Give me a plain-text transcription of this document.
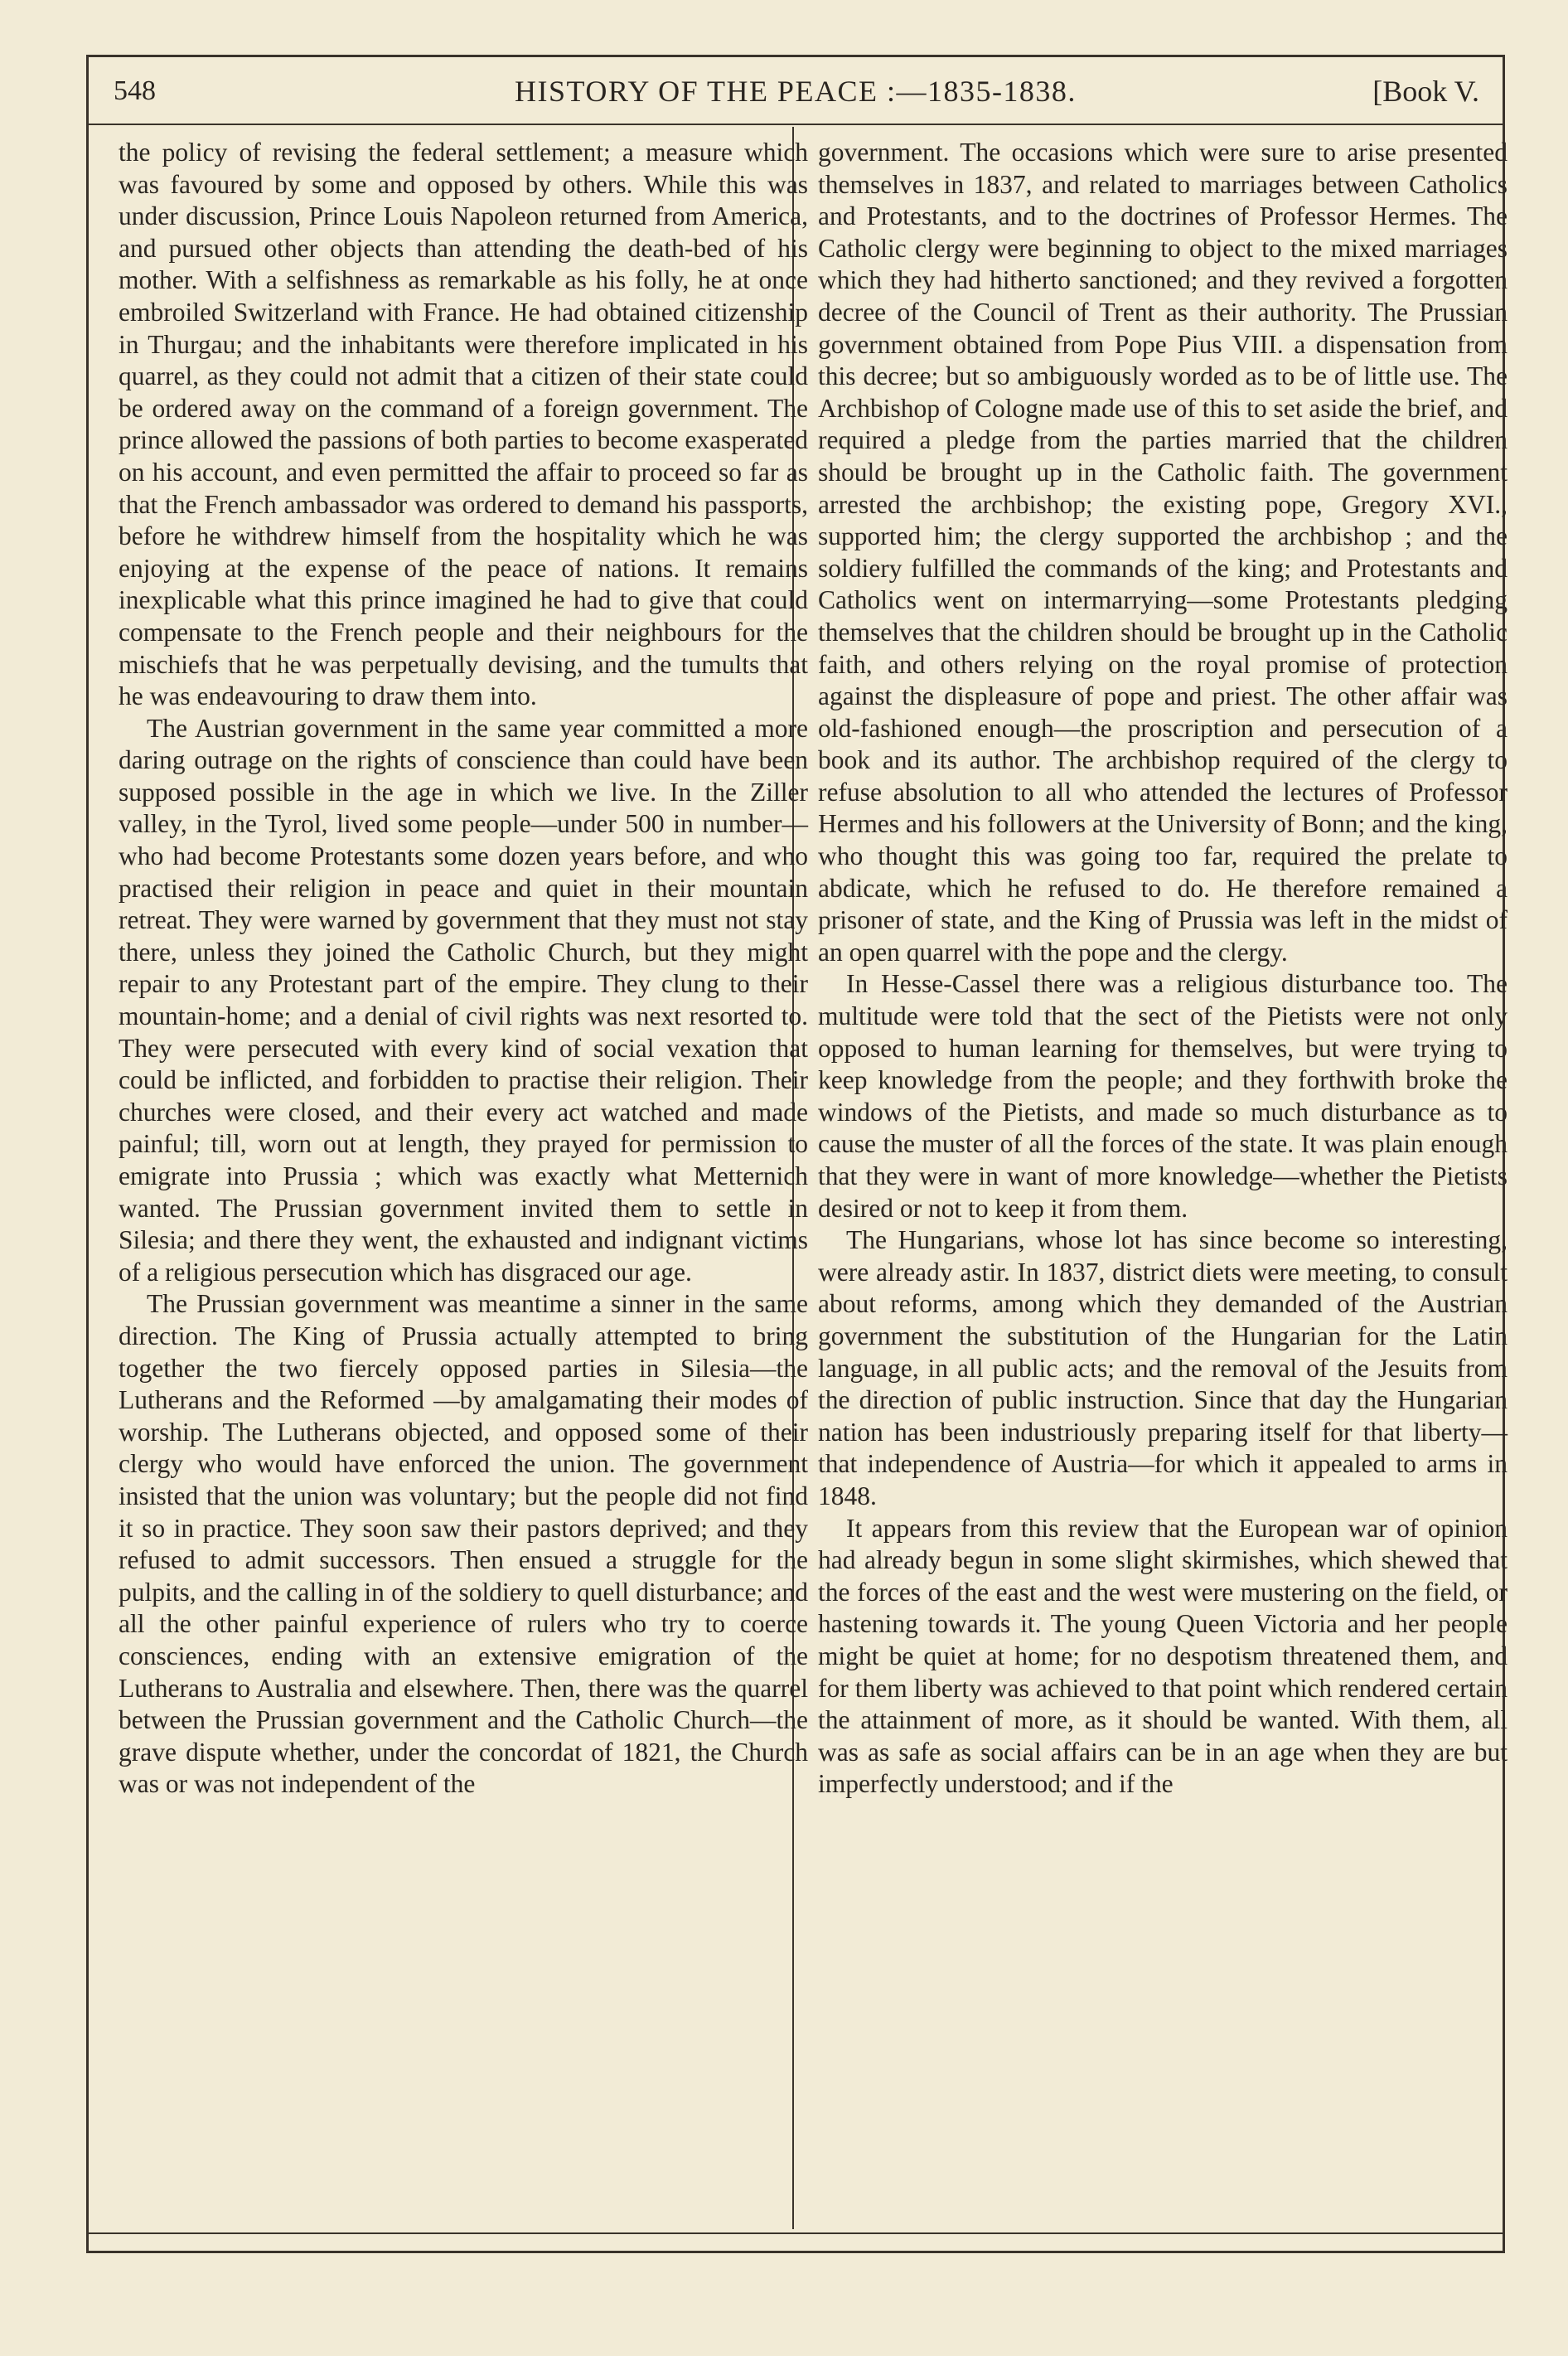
548	HISTORY OF THE PEACE :—1835-1838.	[Book V.

the policy of revising the federal settlement; a measure which was favoured by some and opposed by others. While this was under discussion, Prince Louis Napoleon returned from America, and pursued other objects than attending the death-bed of his mother. With a selfishness as remarkable as his folly, he at once embroiled Switzerland with France. He had obtained citizenship in Thurgau; and the inhabitants were therefore implicated in his quarrel, as they could not admit that a citizen of their state could be ordered away on the command of a foreign government. The prince allowed the passions of both parties to become exasperated on his account, and even permitted the affair to proceed so far as that the French ambassador was ordered to demand his passports, before he withdrew himself from the hospitality which he was enjoying at the expense of the peace of nations. It remains inexplicable what this prince imagined he had to give that could compensate to the French people and their neighbours for the mischiefs that he was perpetually devising, and the tumults that he was endeavouring to draw them into.

The Austrian government in the same year committed a more daring outrage on the rights of conscience than could have been supposed possible in the age in which we live. In the Ziller valley, in the Tyrol, lived some people—under 500 in number—who had become Protestants some dozen years before, and who practised their religion in peace and quiet in their mountain retreat. They were warned by government that they must not stay there, unless they joined the Catholic Church, but they might repair to any Protestant part of the empire. They clung to their mountain-home; and a denial of civil rights was next resorted to. They were persecuted with every kind of social vexation that could be inflicted, and forbidden to practise their religion. Their churches were closed, and their every act watched and made painful; till, worn out at length, they prayed for permission to emigrate into Prussia ; which was exactly what Metternich wanted. The Prussian government invited them to settle in Silesia; and there they went, the exhausted and indignant victims of a religious persecution which has disgraced our age.

The Prussian government was meantime a sinner in the same direction. The King of Prussia actually attempted to bring together the two fiercely opposed parties in Silesia—the Lutherans and the Reformed —by amalgamating their modes of worship. The Lutherans objected, and opposed some of their clergy who would have enforced the union. The government insisted that the union was voluntary; but the people did not find it so in practice. They soon saw their pastors deprived; and they refused to admit successors. Then ensued a struggle for the pulpits, and the calling in of the soldiery to quell disturbance; and all the other painful experience of rulers who try to coerce consciences, ending with an extensive emigration of the Lutherans to Australia and elsewhere. Then, there was the quarrel between the Prussian government and the Catholic Church—the grave dispute whether, under the concordat of 1821, the Church was or was not independent of the

government. The occasions which were sure to arise presented themselves in 1837, and related to marriages between Catholics and Protestants, and to the doctrines of Professor Hermes. The Catholic clergy were beginning to object to the mixed marriages which they had hitherto sanctioned; and they revived a forgotten decree of the Council of Trent as their authority. The Prussian government obtained from Pope Pius VIII. a dispensation from this decree; but so ambiguously worded as to be of little use. The Archbishop of Cologne made use of this to set aside the brief, and required a pledge from the parties married that the children should be brought up in the Catholic faith. The government arrested the archbishop; the existing pope, Gregory XVI., supported him; the clergy supported the archbishop ; and the soldiery fulfilled the commands of the king; and Protestants and Catholics went on intermarrying—some Protestants pledging themselves that the children should be brought up in the Catholic faith, and others relying on the royal promise of protection against the displeasure of pope and priest. The other affair was old-fashioned enough—the proscription and persecution of a book and its author. The archbishop required of the clergy to refuse absolution to all who attended the lectures of Professor Hermes and his followers at the University of Bonn; and the king, who thought this was going too far, required the prelate to abdicate, which he refused to do. He therefore remained a prisoner of state, and the King of Prussia was left in the midst of an open quarrel with the pope and the clergy.

In Hesse-Cassel there was a religious disturbance too. The multitude were told that the sect of the Pietists were not only opposed to human learning for themselves, but were trying to keep knowledge from the people; and they forthwith broke the windows of the Pietists, and made so much disturbance as to cause the muster of all the forces of the state. It was plain enough that they were in want of more knowledge—whether the Pietists desired or not to keep it from them.

The Hungarians, whose lot has since become so interesting, were already astir. In 1837, district diets were meeting, to consult about reforms, among which they demanded of the Austrian government the substitution of the Hungarian for the Latin language, in all public acts; and the removal of the Jesuits from the direction of public instruction. Since that day the Hungarian nation has been industriously preparing itself for that liberty—that independence of Austria—for which it appealed to arms in 1848.

It appears from this review that the European war of opinion had already begun in some slight skirmishes, which shewed that the forces of the east and the west were mustering on the field, or hastening towards it. The young Queen Victoria and her people might be quiet at home; for no despotism threatened them, and for them liberty was achieved to that point which rendered certain the attainment of more, as it should be wanted. With them, all was as safe as social affairs can be in an age when they are but imperfectly understood; and if the
